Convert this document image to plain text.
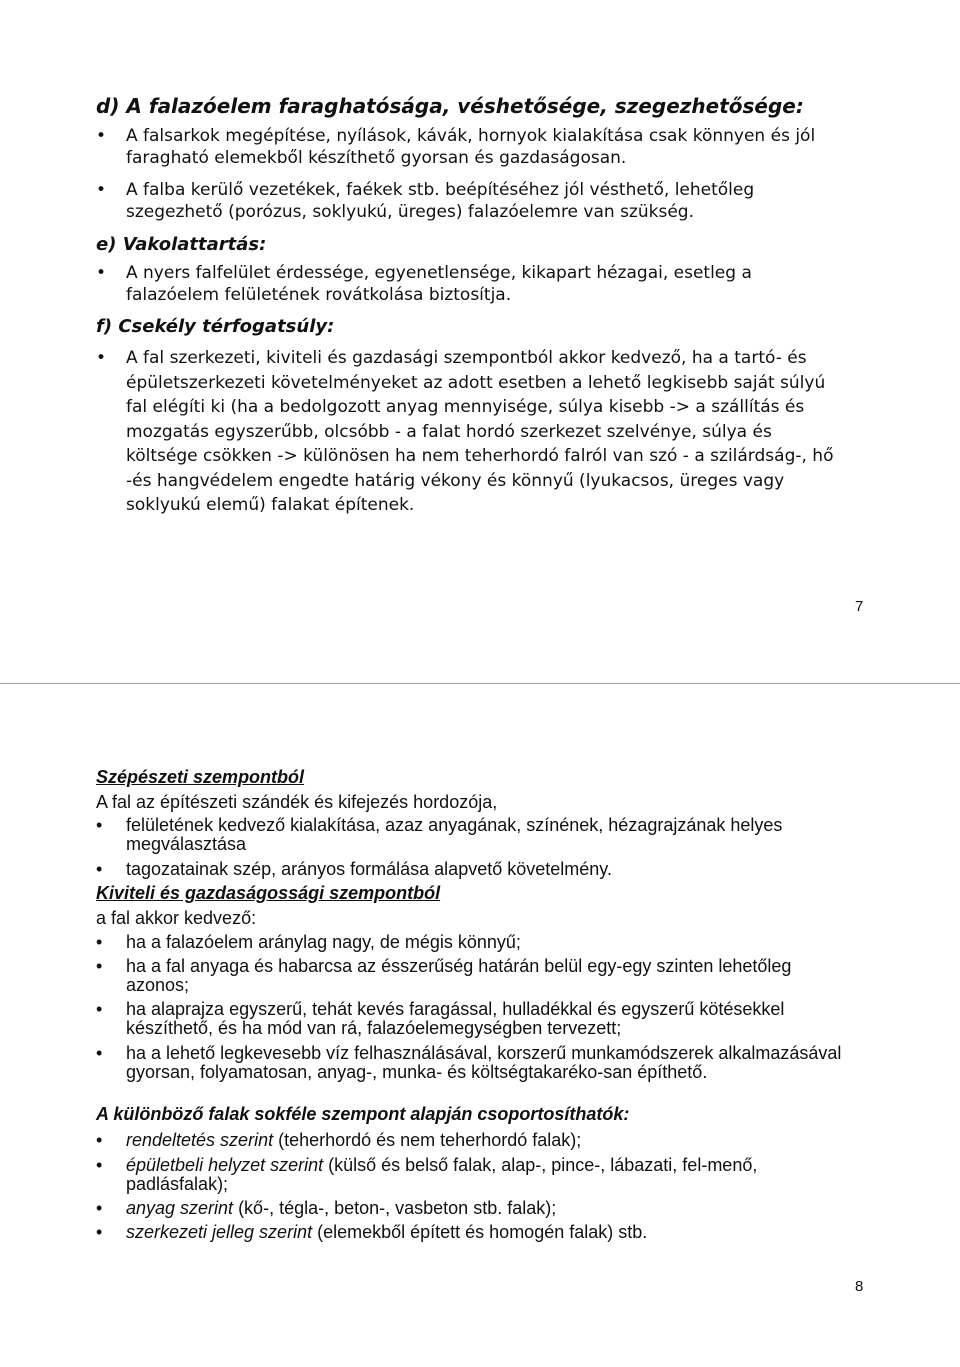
d) A falazóelem faraghatósága, véshetősége, szegezhetősége:
• A falsarkok megépítése, nyílások, kávák, hornyok kialakítása csak könnyen és jól faragható elemekből készíthető gyorsan és gazdaságosan.
• A falba kerülő vezetékek, faékek stb. beépítéséhez jól vésthető, lehetőleg szegezhető (porózus, soklyukú, üreges) falazóelemre van szükség.
e) Vakolattartás:
• A nyers falfelület érdessége, egyenetlensége, kikapart hézagai, esetleg a falazóelem felületének rovátkolása biztosítja.
f) Csekély térfogatsúly:
• A fal szerkezeti, kiviteli és gazdasági szempontból akkor kedvező, ha a tartó- és épületszerkezeti követelményeket az adott esetben a lehető legkisebb saját súlyú fal elégíti ki (ha a bedolgozott anyag mennyisége, súlya kisebb -> a szállítás és mozgatás egyszerűbb, olcsóbb - a falat hordó szerkezet szelvénye, súlya és költsége csökken -> különösen ha nem teherhordó falról van szó - a szilárdság-, hő -és hangvédelem engedte határig vékony és könnyű (lyukacsos, üreges vagy soklyukú elemű) falakat építenek.
7
Szépészeti szempontból
A fal az építészeti szándék és kifejezés hordozója,
•	felületének kedvező kialakítása, azaz anyagának, színének, hézagrajzának helyes megválasztása
•	tagozatainak szép, arányos formálása alapvető követelmény.
Kiviteli és gazdaságossági szempontból
a fal akkor kedvező:
•	ha a falazóelem aránylag nagy, de mégis könnyű;
•	ha a fal anyaga és habarcsa az ésszerűség határán belül egy-egy szinten lehetőleg azonos;
•	ha alaprajza egyszerű, tehát kevés faragással, hulladékkal és egyszerű kötésekkel készíthető, és ha mód van rá, falazóelemegységben tervezett;
•	ha a lehető legkevesebb víz felhasználásával, korszerű munkamódszerek alkalmazásával gyorsan, folyamatosan, anyag-, munka- és költségtakaréko-san építhető.
A különböző falak sokféle szempont alapján csoportosíthatók:
•	rendeltetés szerint (teherhordó és nem teherhordó falak);
•	épületbeli helyzet szerint (külső és belső falak, alap-, pince-, lábazati, fel-menő, padlásfalak);
•	anyag szerint (kő-, tégla-, beton-, vasbeton stb. falak);
•	szerkezeti jelleg szerint (elemekből épített és homogén falak) stb.
8
